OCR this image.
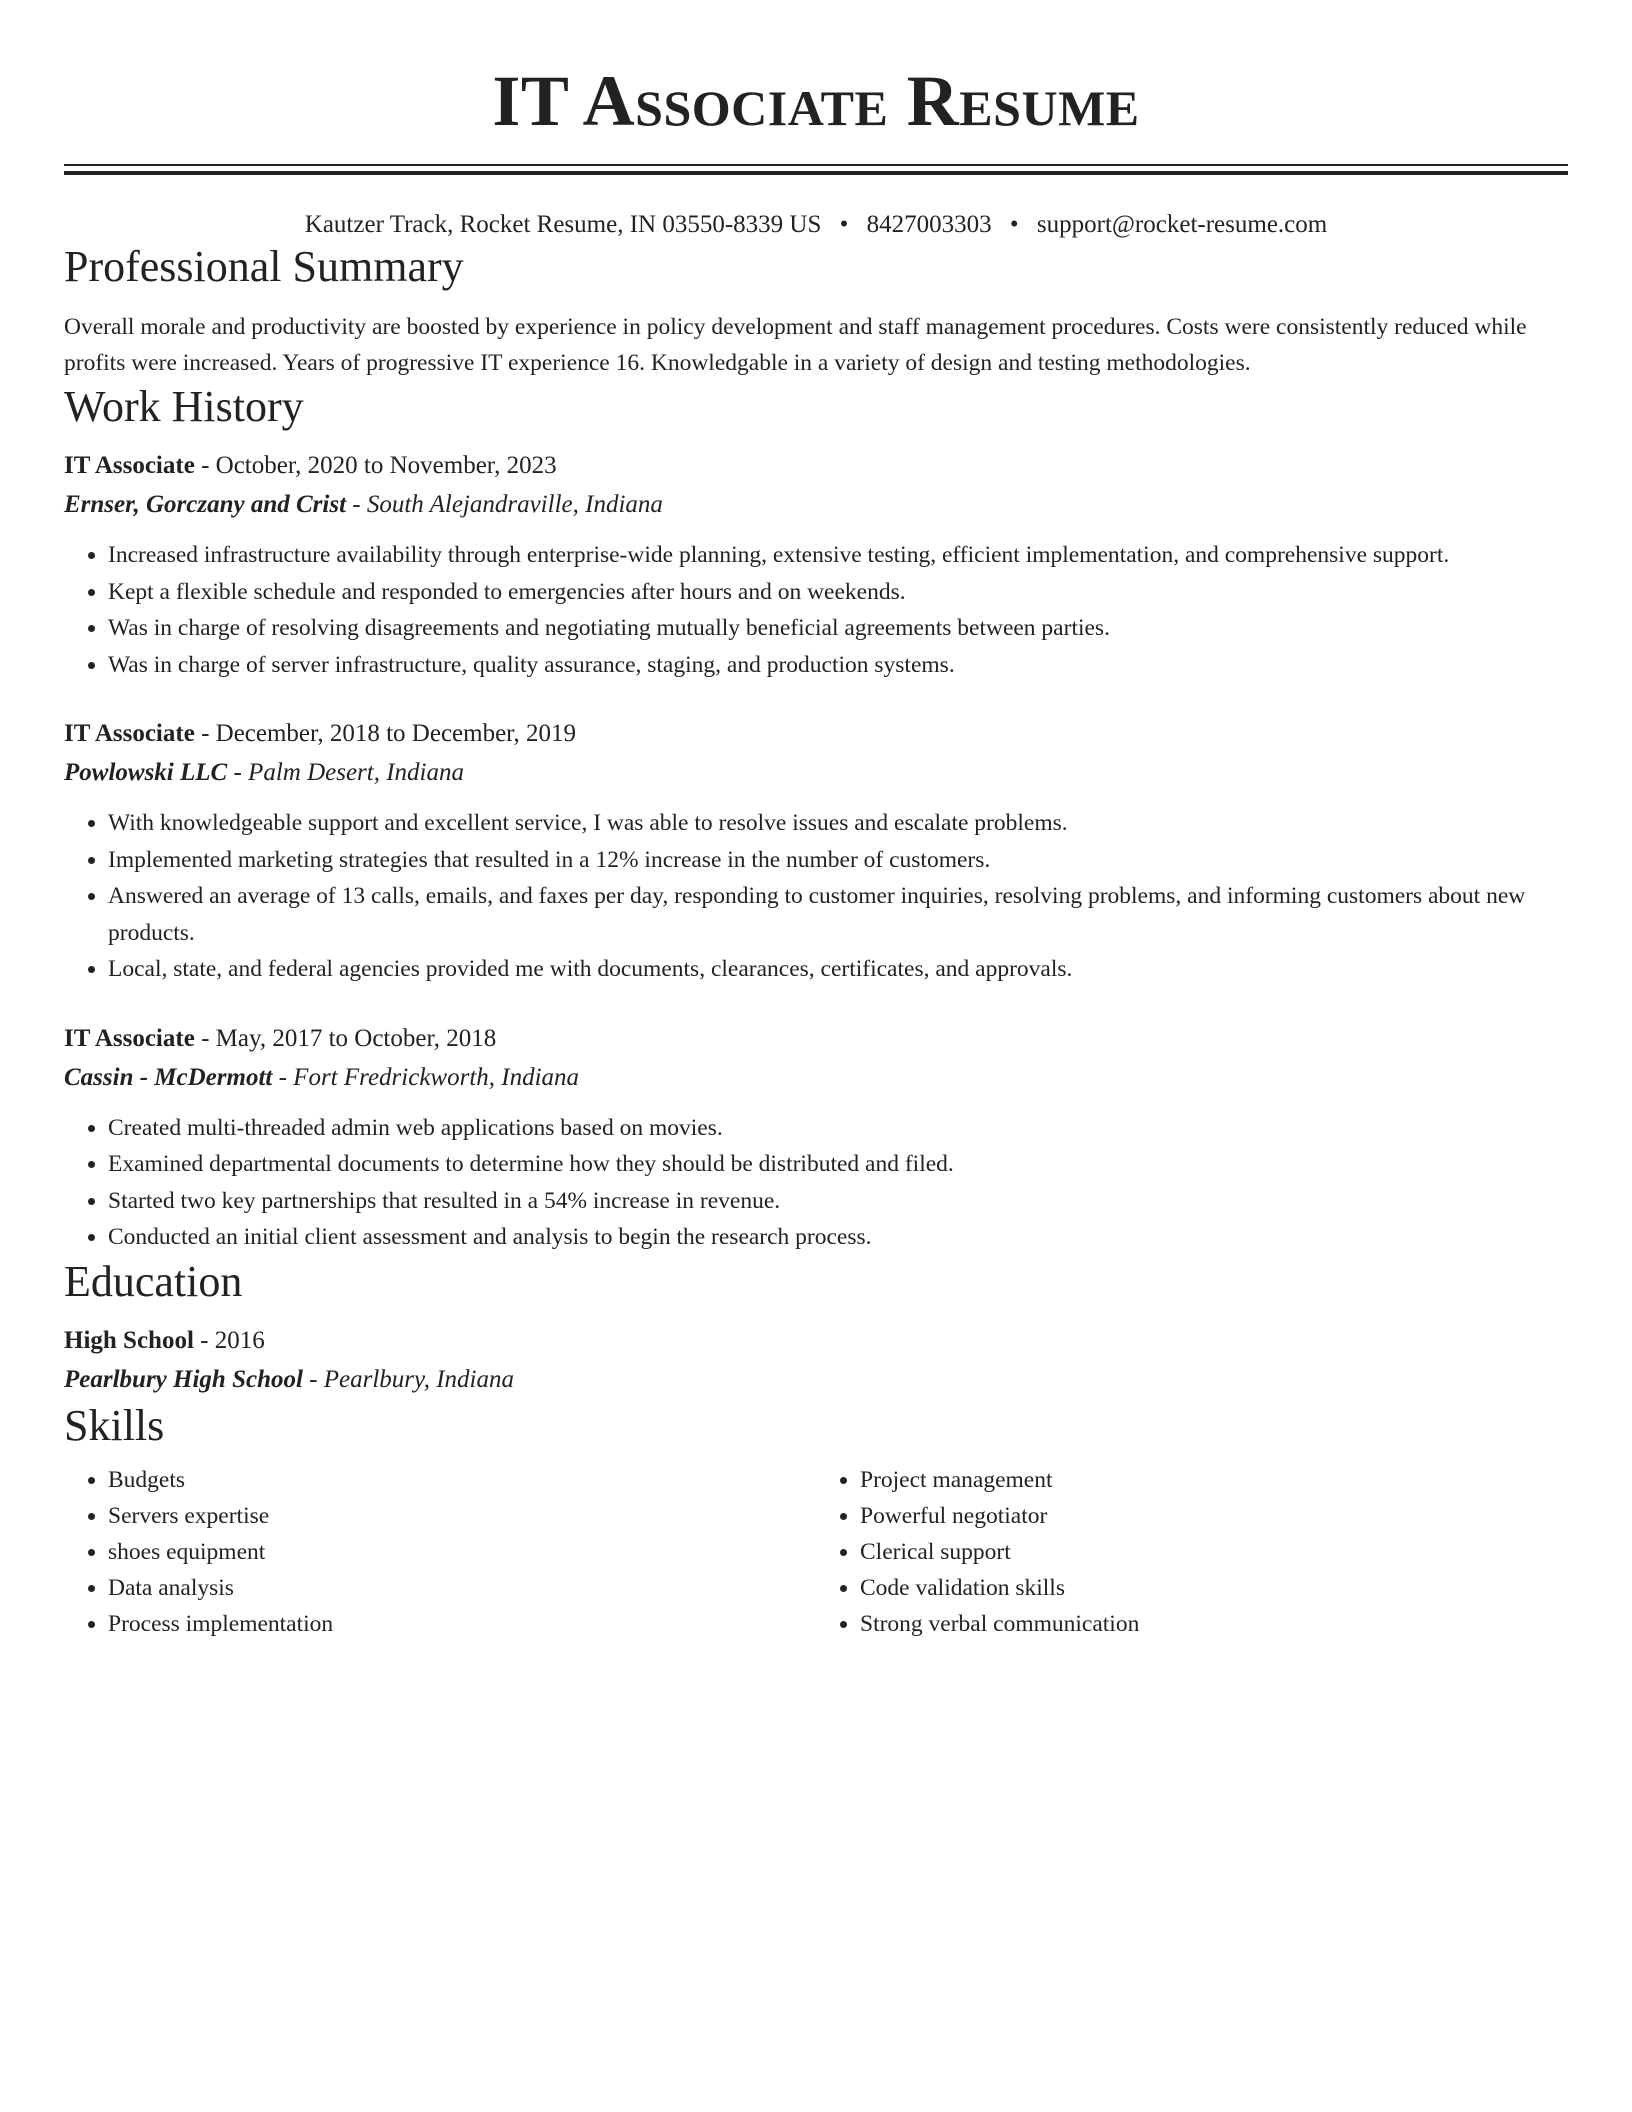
IT Associate Resume
Kautzer Track, Rocket Resume, IN 03550-8339 US • 8427003303 • support@rocket-resume.com
Professional Summary
Overall morale and productivity are boosted by experience in policy development and staff management procedures. Costs were consistently reduced while profits were increased. Years of progressive IT experience 16. Knowledgable in a variety of design and testing methodologies.
Work History
IT Associate - October, 2020 to November, 2023
Ernser, Gorczany and Crist - South Alejandraville, Indiana
• Increased infrastructure availability through enterprise-wide planning, extensive testing, efficient implementation, and comprehensive support.
• Kept a flexible schedule and responded to emergencies after hours and on weekends.
• Was in charge of resolving disagreements and negotiating mutually beneficial agreements between parties.
• Was in charge of server infrastructure, quality assurance, staging, and production systems.
IT Associate - December, 2018 to December, 2019
Powlowski LLC - Palm Desert, Indiana
• With knowledgeable support and excellent service, I was able to resolve issues and escalate problems.
• Implemented marketing strategies that resulted in a 12% increase in the number of customers.
• Answered an average of 13 calls, emails, and faxes per day, responding to customer inquiries, resolving problems, and informing customers about new products.
• Local, state, and federal agencies provided me with documents, clearances, certificates, and approvals.
IT Associate - May, 2017 to October, 2018
Cassin - McDermott - Fort Fredrickworth, Indiana
• Created multi-threaded admin web applications based on movies.
• Examined departmental documents to determine how they should be distributed and filed.
• Started two key partnerships that resulted in a 54% increase in revenue.
• Conducted an initial client assessment and analysis to begin the research process.
Education
High School - 2016
Pearlbury High School - Pearlbury, Indiana
Skills
• Budgets
• Servers expertise
• shoes equipment
• Data analysis
• Process implementation
• Project management
• Powerful negotiator
• Clerical support
• Code validation skills
• Strong verbal communication
